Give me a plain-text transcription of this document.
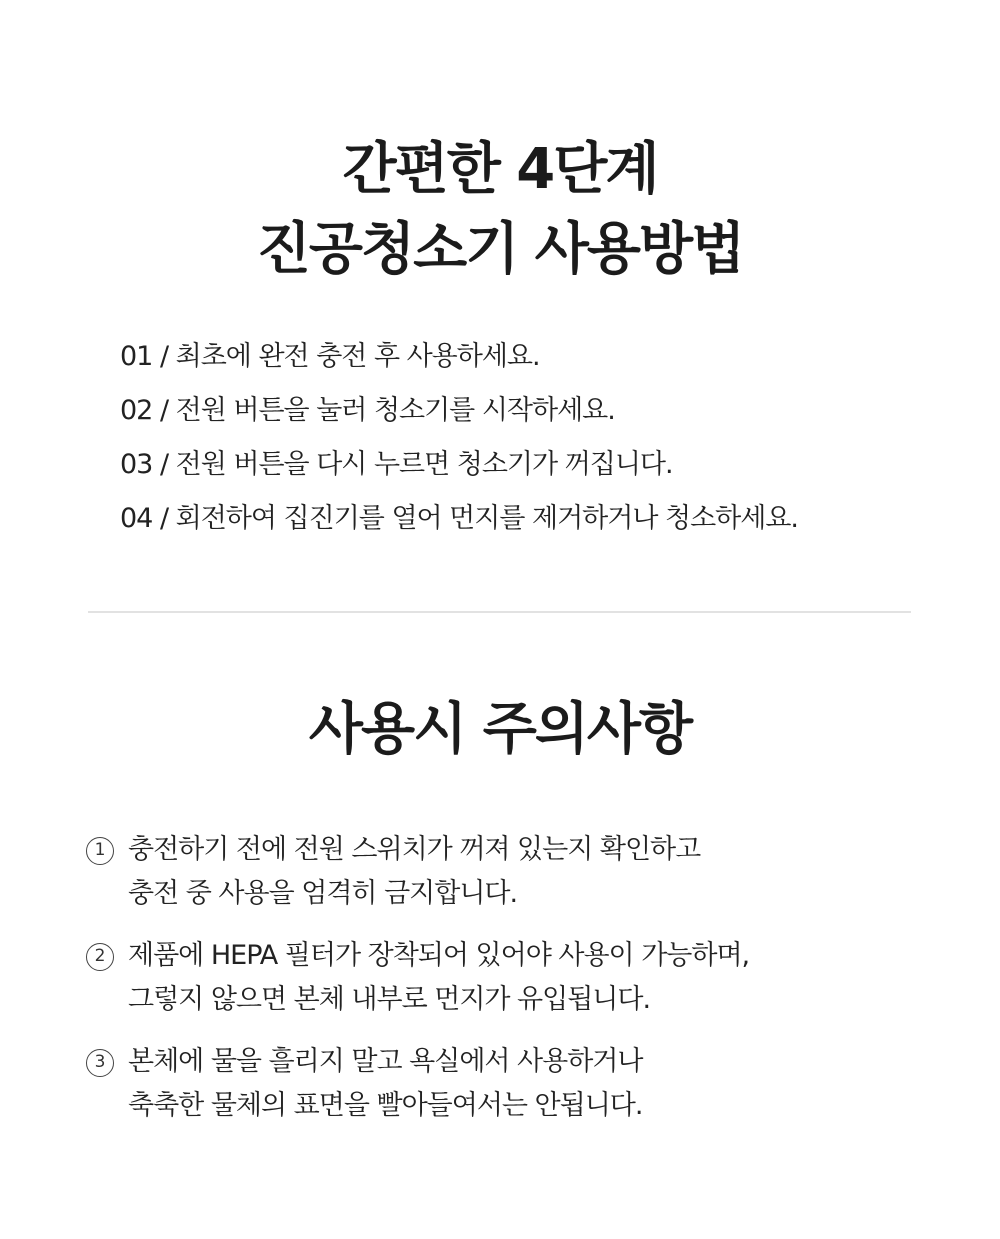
간편한 4단계
진공청소기 사용방법
01 / 최초에 완전 충전 후 사용하세요.
02 / 전원 버튼을 눌러 청소기를 시작하세요.
03 / 전원 버튼을 다시 누르면 청소기가 꺼집니다.
04 / 회전하여 집진기를 열어 먼지를 제거하거나 청소하세요.
사용시 주의사항
1 충전하기 전에 전원 스위치가 꺼져 있는지 확인하고
충전 중 사용을 엄격히 금지합니다.
2 제품에 HEPA 필터가 장착되어 있어야 사용이 가능하며,
그렇지 않으면 본체 내부로 먼지가 유입됩니다.
3 본체에 물을 흘리지 말고 욕실에서 사용하거나
축축한 물체의 표면을 빨아들여서는 안됩니다.
